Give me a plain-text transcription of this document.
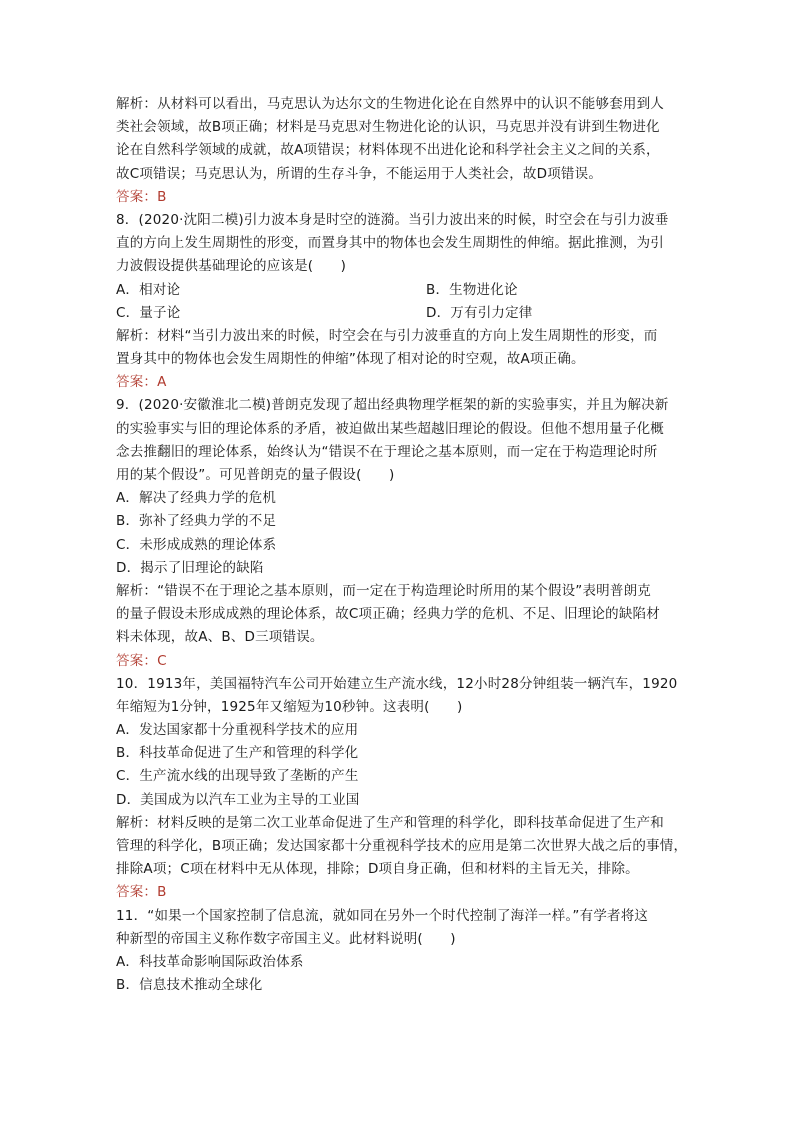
解析：从材料可以看出，马克思认为达尔文的生物进化论在自然界中的认识不能够套用到人
类社会领域，故B项正确；材料是马克思对生物进化论的认识，马克思并没有讲到生物进化
论在自然科学领域的成就，故A项错误；材料体现不出进化论和科学社会主义之间的关系，
故C项错误；马克思认为，所谓的生存斗争，不能运用于人类社会，故D项错误。
答案：B
8．(2020·沈阳二模)引力波本身是时空的涟漪。当引力波出来的时候，时空会在与引力波垂
直的方向上发生周期性的形变，而置身其中的物体也会发生周期性的伸缩。据此推测，为引
力波假设提供基础理论的应该是(　　)
A．相对论	B．生物进化论
C．量子论	D．万有引力定律
解析：材料“当引力波出来的时候，时空会在与引力波垂直的方向上发生周期性的形变，而
置身其中的物体也会发生周期性的伸缩”体现了相对论的时空观，故A项正确。
答案：A
9．(2020·安徽淮北二模)普朗克发现了超出经典物理学框架的新的实验事实，并且为解决新
的实验事实与旧的理论体系的矛盾，被迫做出某些超越旧理论的假设。但他不想用量子化概
念去推翻旧的理论体系，始终认为“错误不在于理论之基本原则，而一定在于构造理论时所
用的某个假设”。可见普朗克的量子假设(　　)
A．解决了经典力学的危机
B．弥补了经典力学的不足
C．未形成成熟的理论体系
D．揭示了旧理论的缺陷
解析：“错误不在于理论之基本原则，而一定在于构造理论时所用的某个假设”表明普朗克
的量子假设未形成成熟的理论体系，故C项正确；经典力学的危机、不足、旧理论的缺陷材
料未体现，故A、B、D三项错误。
答案：C
10．1913年，美国福特汽车公司开始建立生产流水线，12小时28分钟组装一辆汽车，1920
年缩短为1分钟，1925年又缩短为10秒钟。这表明(　　)
A．发达国家都十分重视科学技术的应用
B．科技革命促进了生产和管理的科学化
C．生产流水线的出现导致了垄断的产生
D．美国成为以汽车工业为主导的工业国
解析：材料反映的是第二次工业革命促进了生产和管理的科学化，即科技革命促进了生产和
管理的科学化，B项正确；发达国家都十分重视科学技术的应用是第二次世界大战之后的事情，
排除A项；C项在材料中无从体现，排除；D项自身正确，但和材料的主旨无关，排除。
答案：B
11．“如果一个国家控制了信息流，就如同在另外一个时代控制了海洋一样。”有学者将这
种新型的帝国主义称作数字帝国主义。此材料说明(　　)
A．科技革命影响国际政治体系
B．信息技术推动全球化
